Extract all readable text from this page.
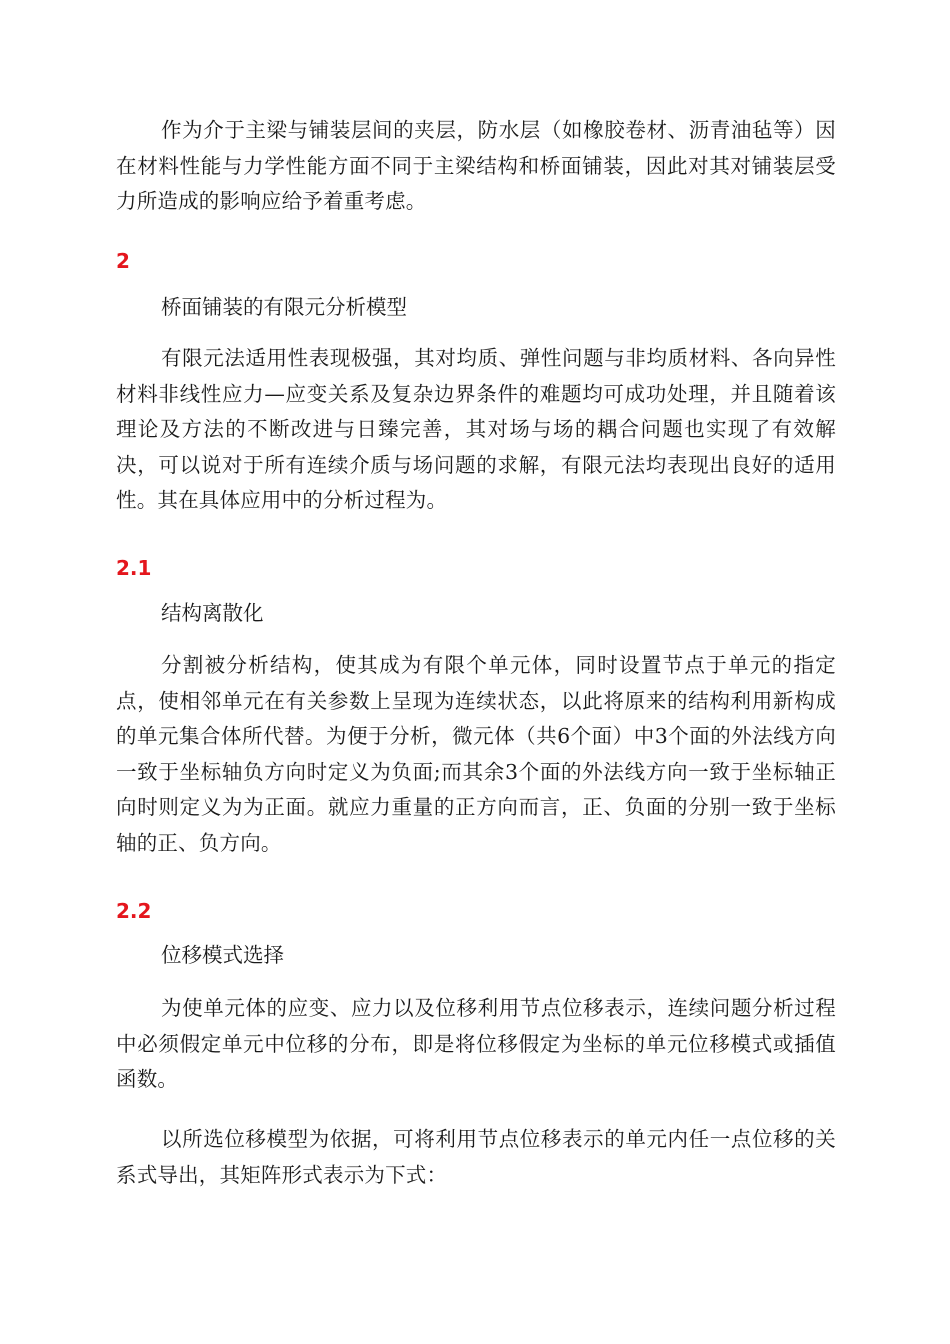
作为介于主梁与铺装层间的夹层，防水层（如橡胶卷材、沥青油毡等）因在材料性能与力学性能方面不同于主梁结构和桥面铺装，因此对其对铺装层受力所造成的影响应给予着重考虑。

2
桥面铺装的有限元分析模型

有限元法适用性表现极强，其对均质、弹性问题与非均质材料、各向异性材料非线性应力—应变关系及复杂边界条件的难题均可成功处理，并且随着该理论及方法的不断改进与日臻完善，其对场与场的耦合问题也实现了有效解决，可以说对于所有连续介质与场问题的求解，有限元法均表现出良好的适用性。其在具体应用中的分析过程为。

2.1
结构离散化

分割被分析结构，使其成为有限个单元体，同时设置节点于单元的指定点，使相邻单元在有关参数上呈现为连续状态，以此将原来的结构利用新构成的单元集合体所代替。为便于分析，微元体（共6个面）中3个面的外法线方向一致于坐标轴负方向时定义为负面;而其余3个面的外法线方向一致于坐标轴正向时则定义为为正面。就应力重量的正方向而言，正、负面的分别一致于坐标轴的正、负方向。

2.2
位移模式选择

为使单元体的应变、应力以及位移利用节点位移表示，连续问题分析过程中必须假定单元中位移的分布，即是将位移假定为坐标的单元位移模式或插值函数。

以所选位移模型为依据，可将利用节点位移表示的单元内任一点位移的关系式导出，其矩阵形式表示为下式：
